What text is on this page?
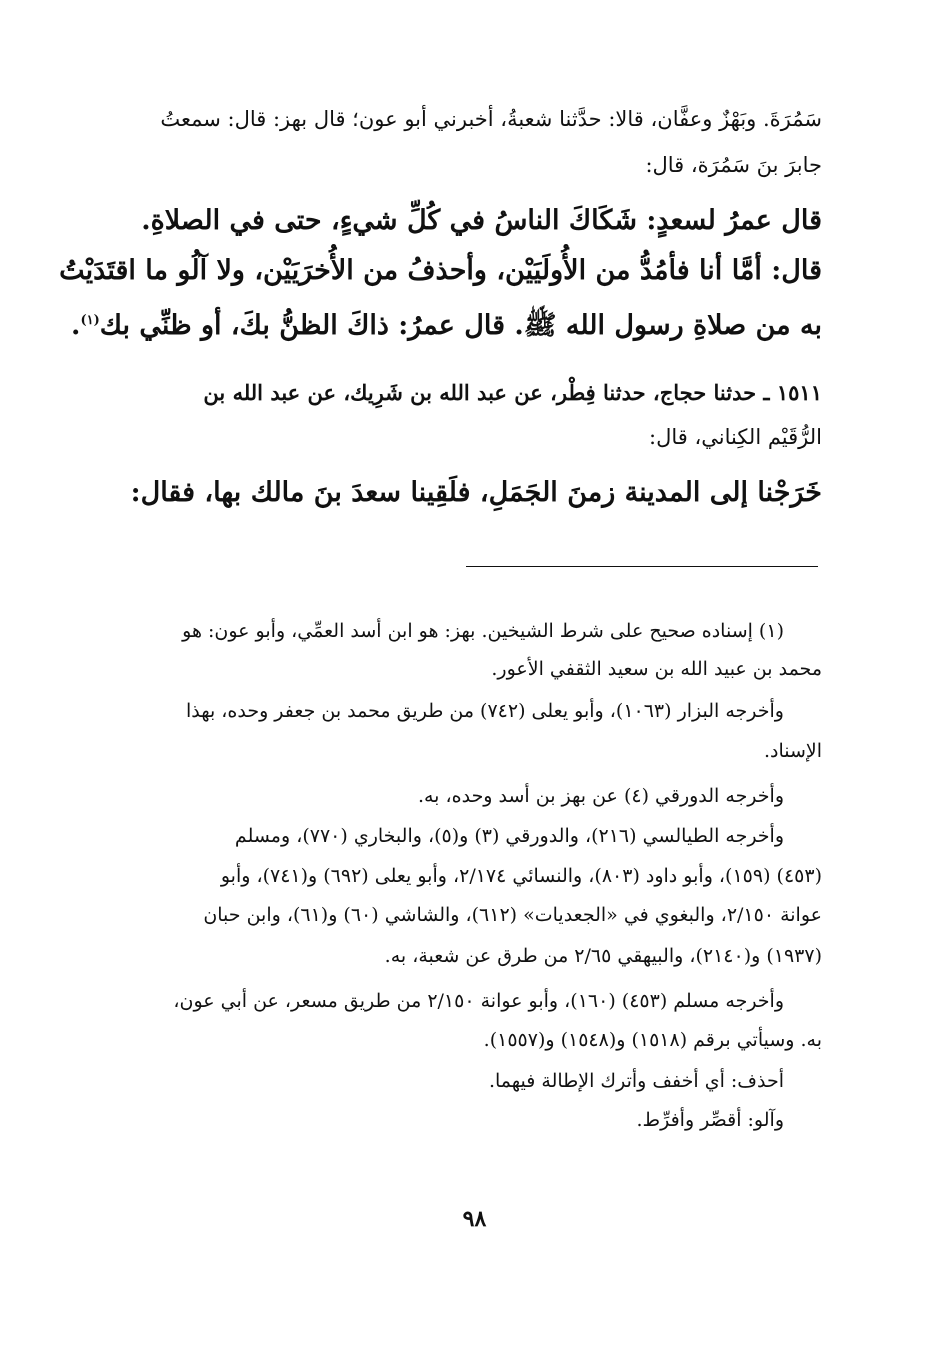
سَمُرَةَ. وبَهْزٌ وعفَّان، قالا: حدَّثنا شعبةُ، أخبرني أبو عون؛ قال بهز: قال: سمعتُ
جابرَ بنَ سَمُرَة، قال:
قال عمرُ لسعدٍ: شَكَاكَ الناسُ في كُلِّ شيءٍ، حتى في الصلاةِ.
قال: أمَّا أنا فأمُدُّ من الأُولَيَيْن، وأحذفُ من الأُخرَيَيْن، ولا آلُو ما اقتَدَيْتُ
به من صلاةِ رسول الله ﷺ. قال عمرُ: ذاكَ الظنُّ بكَ، أو ظنِّي بك$^{(١)}$.
١٥١١ ـ حدثنا حجاج، حدثنا فِطْر، عن عبد الله بن شَرِيك، عن عبد الله بن
الرُّقَيْم الكِناني، قال:
خَرَجْنا إلى المدينة زمنَ الجَمَلِ، فلَقِينا سعدَ بنَ مالك بها، فقال:
(١) إسناده صحيح على شرط الشيخين. بهز: هو ابن أسد العمِّي، وأبو عون: هو
محمد بن عبيد الله بن سعيد الثقفي الأعور.
وأخرجه البزار (١٠٦٣)، وأبو يعلى (٧٤٢) من طريق محمد بن جعفر وحده، بهذا
الإسناد.
وأخرجه الدورقي (٤) عن بهز بن أسد وحده، به.
وأخرجه الطيالسي (٢١٦)، والدورقي (٣) و(٥)، والبخاري (٧٧٠)، ومسلم
(٤٥٣) (١٥٩)، وأبو داود (٨٠٣)، والنسائي ٢/١٧٤، وأبو يعلى (٦٩٢) و(٧٤١)، وأبو
عوانة ٢/١٥٠، والبغوي في «الجعديات» (٦١٢)، والشاشي (٦٠) و(٦١)، وابن حبان
(١٩٣٧) و(٢١٤٠)، والبيهقي ٢/٦٥ من طرق عن شعبة، به.
وأخرجه مسلم (٤٥٣) (١٦٠)، وأبو عوانة ٢/١٥٠ من طريق مسعر، عن أبي عون،
به. وسيأتي برقم (١٥١٨) و(١٥٤٨) و(١٥٥٧).
أحذف: أي أخفف وأترك الإطالة فيهما.
وآلو: أقصِّر وأفرِّط.
٩٨
